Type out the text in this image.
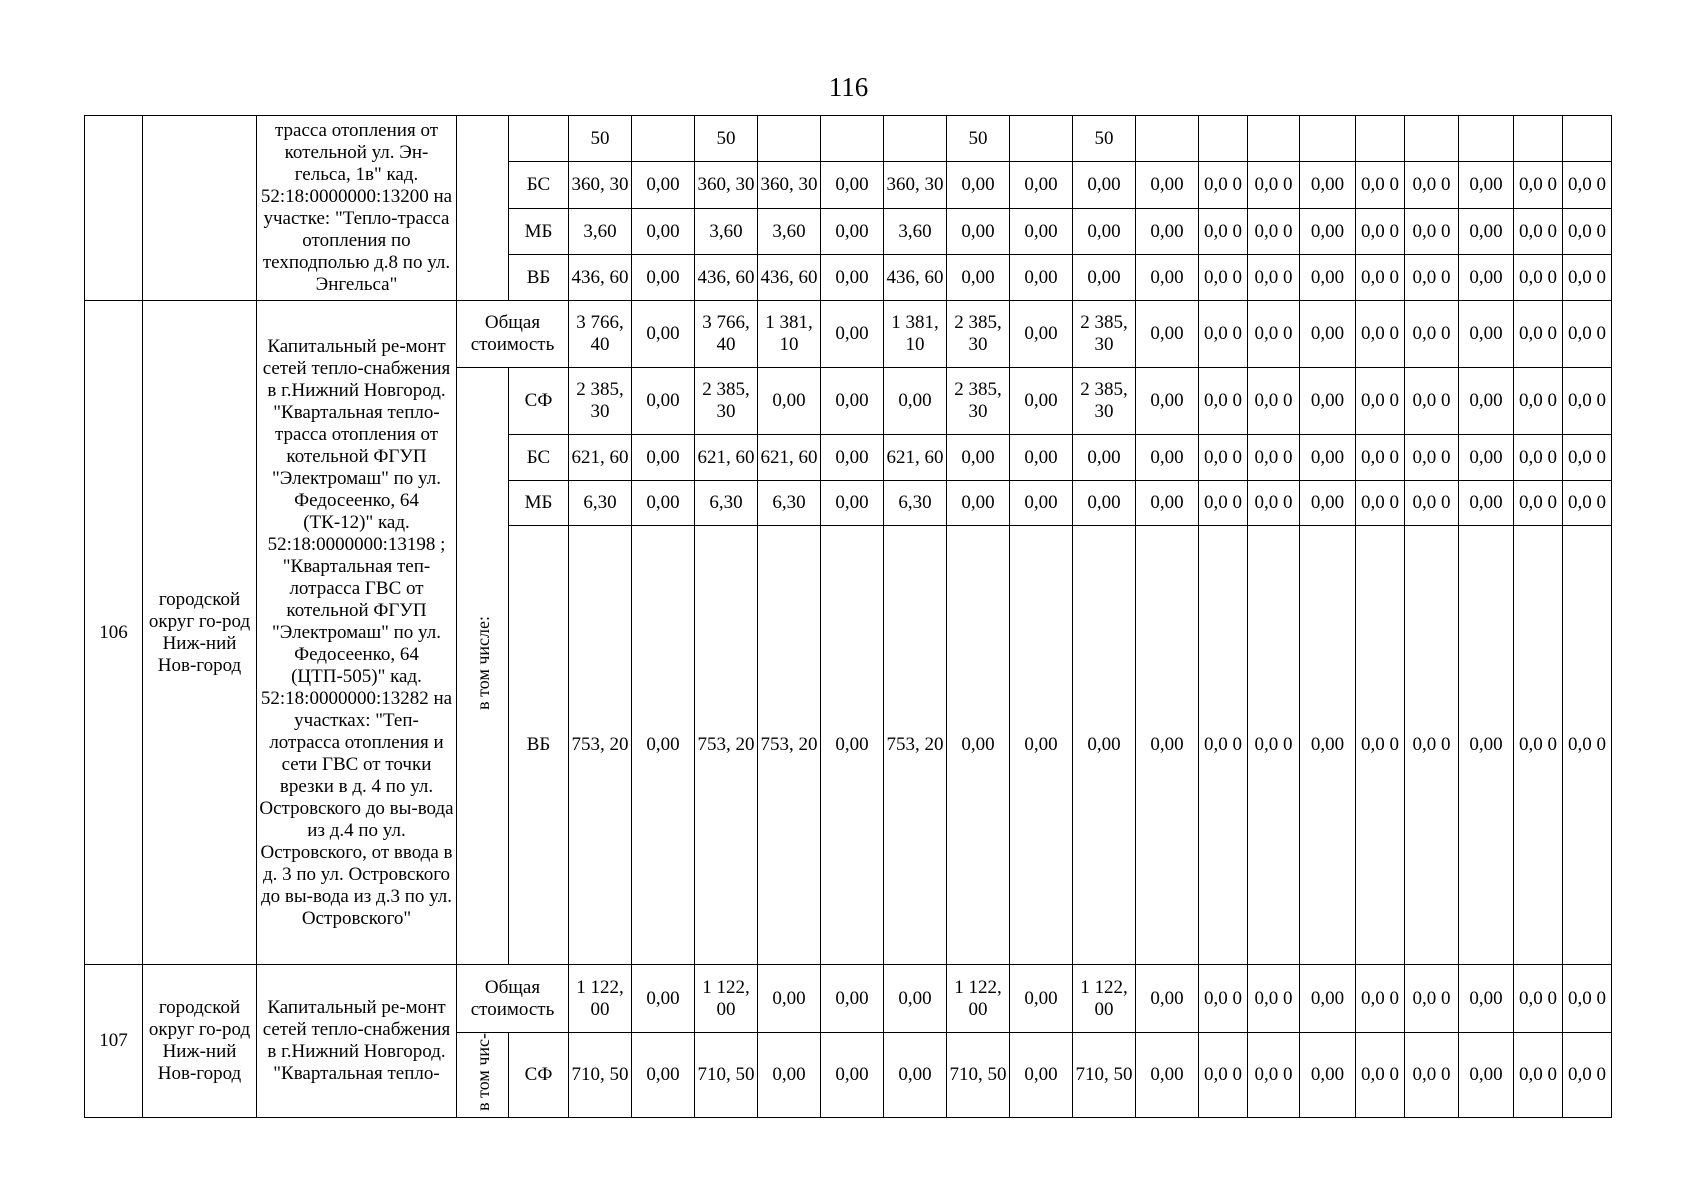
116
		трасса отопления от котельной ул. Эн-гельса, 1в" кад. 52:18:0000000:13200 на участке: "Тепло-трасса отопления по техподполью д.8 по ул. Энгельса"			50		50				50		50									
				БС	360, 30	0,00	360, 30	360, 30	0,00	360, 30	0,00	0,00	0,00	0,00	0,0 0	0,0 0	0,00	0,0 0	0,0 0	0,00	0,0 0	0,0 0
				МБ	3,60	0,00	3,60	3,60	0,00	3,60	0,00	0,00	0,00	0,00	0,0 0	0,0 0	0,00	0,0 0	0,0 0	0,00	0,0 0	0,0 0
				ВБ	436, 60	0,00	436, 60	436, 60	0,00	436, 60	0,00	0,00	0,00	0,00	0,0 0	0,0 0	0,00	0,0 0	0,0 0	0,00	0,0 0	0,0 0
106	городской округ го-род Ниж-ний Нов-город	Капитальный ре-монт сетей тепло-снабжения в г.Нижний Новгород. "Квартальная тепло-трасса отопления от котельной ФГУП "Электромаш" по ул. Федосеенко, 64 (ТК-12)" кад. 52:18:0000000:13198 ; "Квартальная теп-лотрасса ГВС от котельной ФГУП "Электромаш" по ул. Федосеенко, 64 (ЦТП-505)" кад. 52:18:0000000:13282 на участках: "Теп-лотрасса отопления и сети ГВС от точки врезки в д. 4 по ул. Островского до вы-вода из д.4 по ул. Островского, от ввода в д. 3 по ул. Островского до вы-вода из д.3 по ул. Островского"	Общая стоимость		3 766, 40	0,00	3 766, 40	1 381, 10	0,00	1 381, 10	2 385, 30	0,00	2 385, 30	0,00	0,0 0	0,0 0	0,00	0,0 0	0,0 0	0,00	0,0 0	0,0 0
			в том числе:	СФ	2 385, 30	0,00	2 385, 30	0,00	0,00	0,00	2 385, 30	0,00	2 385, 30	0,00	0,0 0	0,0 0	0,00	0,0 0	0,0 0	0,00	0,0 0	0,0 0
				БС	621, 60	0,00	621, 60	621, 60	0,00	621, 60	0,00	0,00	0,00	0,00	0,0 0	0,0 0	0,00	0,0 0	0,0 0	0,00	0,0 0	0,0 0
				МБ	6,30	0,00	6,30	6,30	0,00	6,30	0,00	0,00	0,00	0,00	0,0 0	0,0 0	0,00	0,0 0	0,0 0	0,00	0,0 0	0,0 0
				ВБ	753, 20	0,00	753, 20	753, 20	0,00	753, 20	0,00	0,00	0,00	0,00	0,0 0	0,0 0	0,00	0,0 0	0,0 0	0,00	0,0 0	0,0 0
107	городской округ го-род Ниж-ний Нов-город	Капитальный ре-монт сетей тепло-снабжения в г.Нижний Новгород. "Квартальная тепло-	Общая стоимость		1 122, 00	0,00	1 122, 00	0,00	0,00	0,00	1 122, 00	0,00	1 122, 00	0,00	0,0 0	0,0 0	0,00	0,0 0	0,0 0	0,00	0,0 0	0,0 0
			в том чис-	СФ	710, 50	0,00	710, 50	0,00	0,00	0,00	710, 50	0,00	710, 50	0,00	0,0 0	0,0 0	0,00	0,0 0	0,0 0	0,00	0,0 0	0,0 0
